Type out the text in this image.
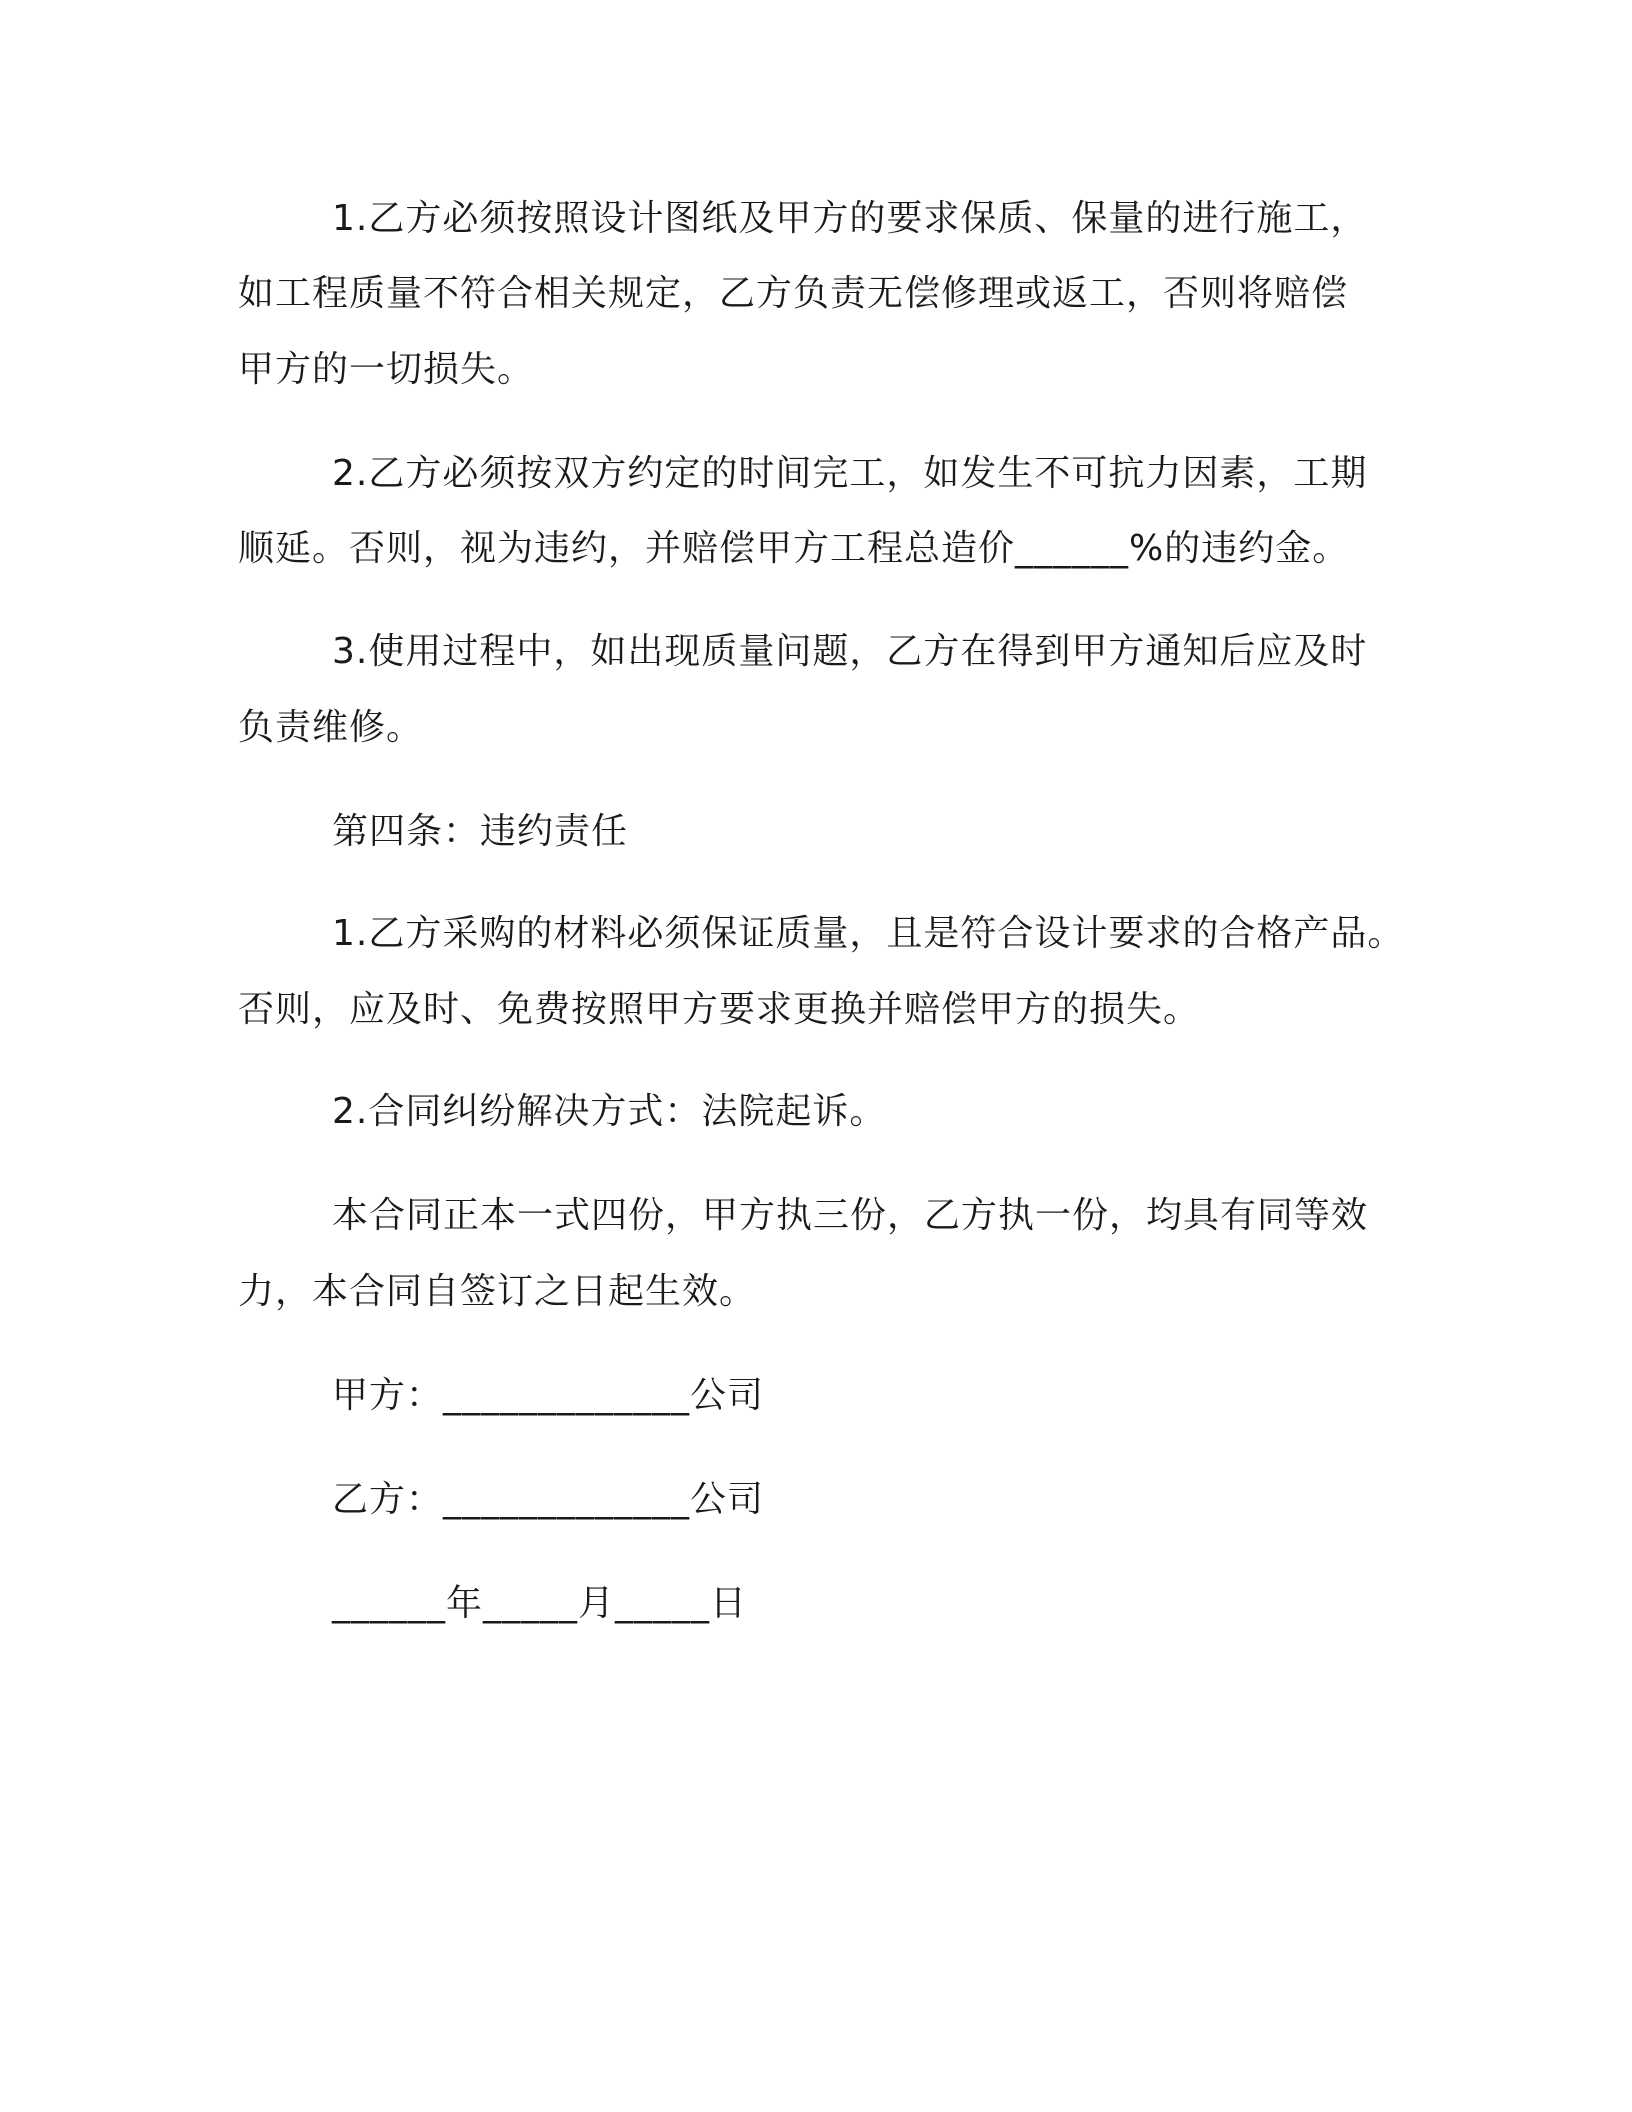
1.乙方必须按照设计图纸及甲方的要求保质、保量的进行施工，
如工程质量不符合相关规定，乙方负责无偿修理或返工，否则将赔偿
甲方的一切损失。
2.乙方必须按双方约定的时间完工，如发生不可抗力因素，工期
顺延。否则，视为违约，并赔偿甲方工程总造价______%的违约金。
3.使用过程中，如出现质量问题，乙方在得到甲方通知后应及时
负责维修。
第四条：违约责任
1.乙方采购的材料必须保证质量，且是符合设计要求的合格产品。
否则，应及时、免费按照甲方要求更换并赔偿甲方的损失。
2.合同纠纷解决方式：法院起诉。
本合同正本一式四份，甲方执三份，乙方执一份，均具有同等效
力，本合同自签订之日起生效。
甲方：_____________公司
乙方：_____________公司
______年_____月_____日
